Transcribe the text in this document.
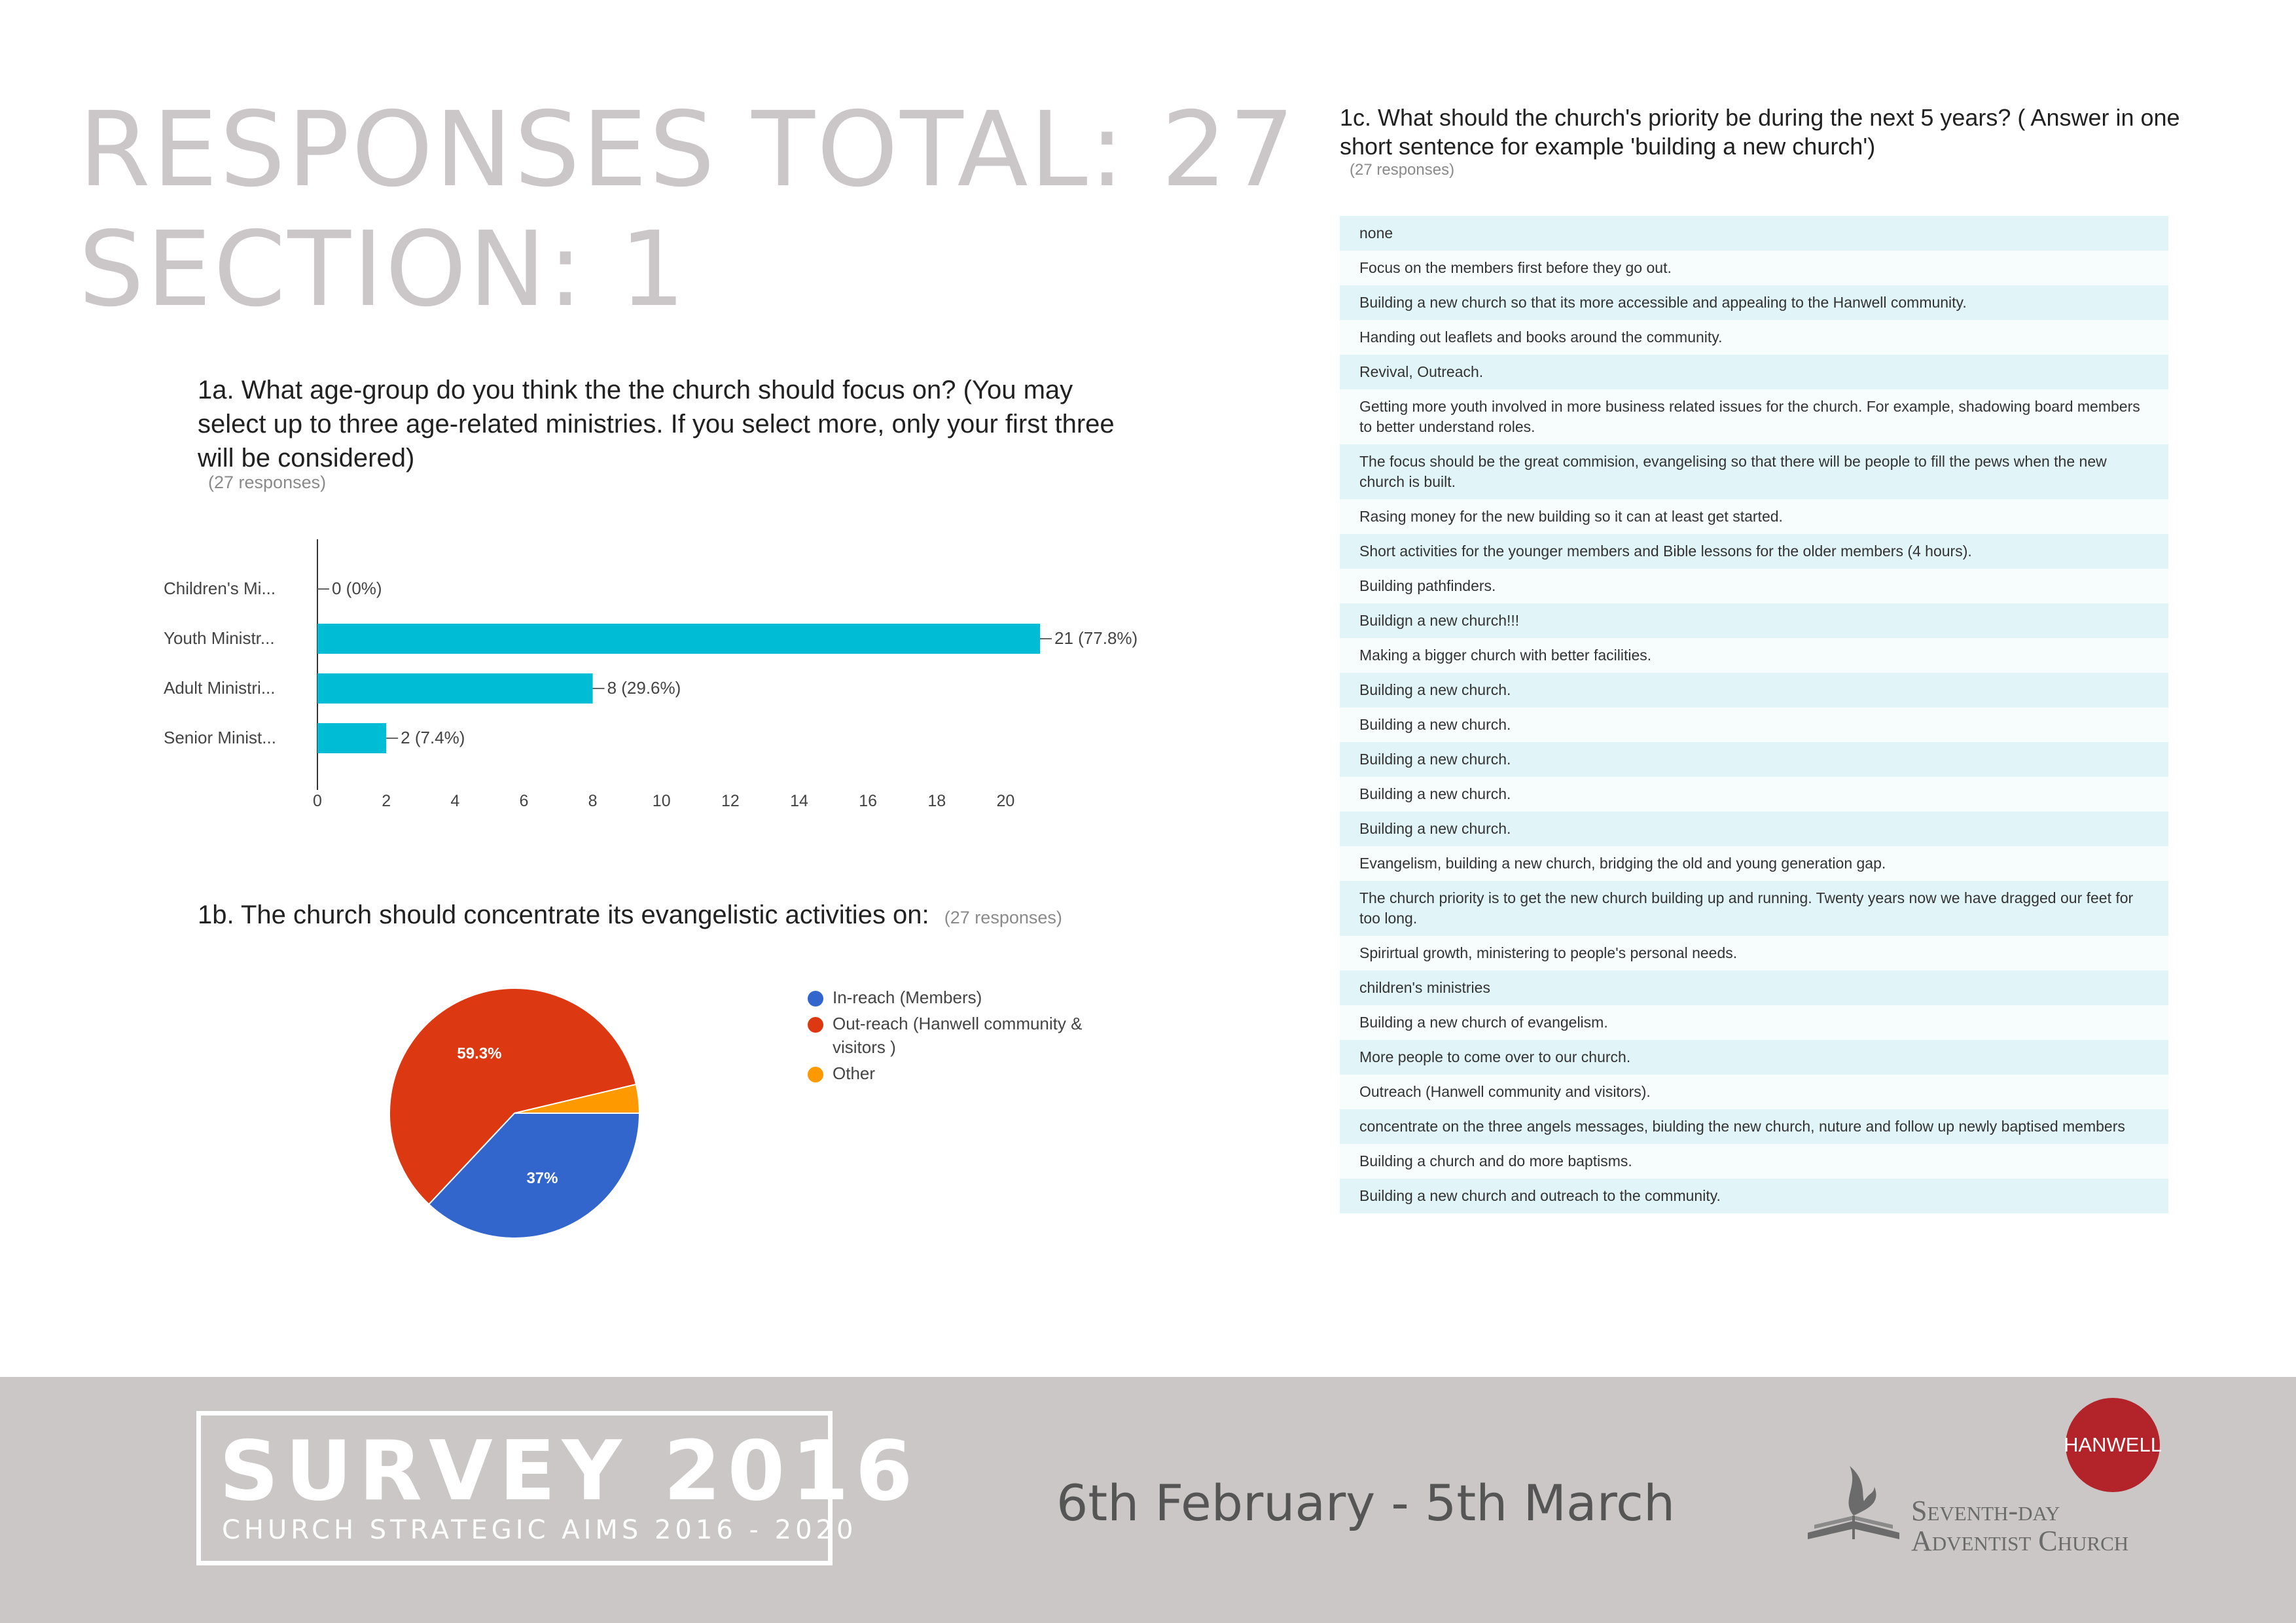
RESPONSES TOTAL: 27
SECTION: 1
1a. What age-group do you think the the church should focus on? (You may select up to three age-related ministries. If you select more, only your first three will be considered)
(27 responses)
Children's Mi...	0 (0%)
Youth Ministr...	21 (77.8%)
Adult Ministri...	8 (29.6%)
Senior Minist...	2 (7.4%)
0	2	4	6	8	10	12	14	16	18	20
1b. The church should concentrate its evangelistic activities on: (27 responses)
37%
59.3%
In-reach (Members)
Out-reach (Hanwell community & visitors )
Other
1c. What should the church's priority be during the next 5 years? ( Answer in one short sentence for example 'building a new church')
(27 responses)
none
Focus on the members first before they go out.
Building a new church so that its more accessible and appealing to the Hanwell community.
Handing out leaflets and books around the community.
Revival, Outreach.
Getting more youth involved in more business related issues for the church. For example, shadowing board members to better understand roles.
The focus should be the great commision, evangelising so that there will be people to fill the pews when the new church is built.
Rasing money for the new building so it can at least get started.
Short activities for the younger members and Bible lessons for the older members (4 hours).
Building pathfinders.
Buildign a new church!!!
Making a bigger church with better facilities.
Building a new church.
Building a new church.
Building a new church.
Building a new church.
Building a new church.
Evangelism, building a new church, bridging the old and young generation gap.
The church priority is to get the new church building up and running. Twenty years now we have dragged our feet for too long.
Spirirtual growth, ministering to people's personal needs.
children's ministries
Building a new church of evangelism.
More people to come over to our church.
Outreach (Hanwell community and visitors).
concentrate on the three angels messages, biulding the new church, nuture and follow up newly baptised members
Building a church and do more baptisms.
Building a new church and outreach to the community.
SURVEY 2016
CHURCH STRATEGIC AIMS 2016 - 2020	6th February - 5th March
HANWELL
Seventh-day
Adventist Church
